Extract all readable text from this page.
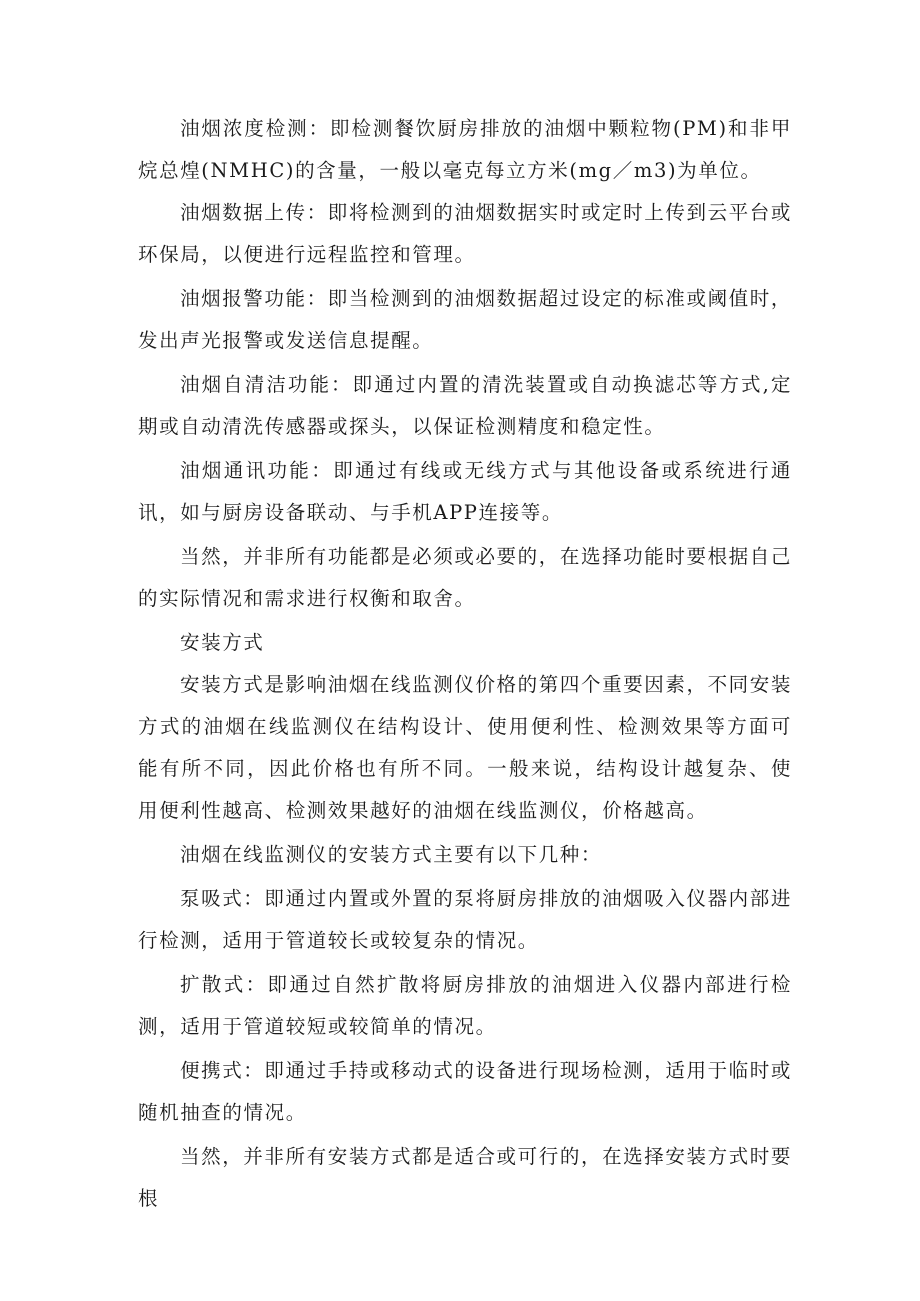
油烟浓度检测：即检测餐饮厨房排放的油烟中颗粒物(PM)和非甲烷总煌(NMHC)的含量，一般以毫克每立方米(mg／m3)为单位。

油烟数据上传：即将检测到的油烟数据实时或定时上传到云平台或环保局，以便进行远程监控和管理。

油烟报警功能：即当检测到的油烟数据超过设定的标准或阈值时，发出声光报警或发送信息提醒。

油烟自清洁功能：即通过内置的清洗装置或自动换滤芯等方式,定期或自动清洗传感器或探头，以保证检测精度和稳定性。

油烟通讯功能：即通过有线或无线方式与其他设备或系统进行通讯，如与厨房设备联动、与手机APP连接等。

当然，并非所有功能都是必须或必要的，在选择功能时要根据自己的实际情况和需求进行权衡和取舍。

安装方式

安装方式是影响油烟在线监测仪价格的第四个重要因素，不同安装方式的油烟在线监测仪在结构设计、使用便利性、检测效果等方面可能有所不同，因此价格也有所不同。一般来说，结构设计越复杂、使用便利性越高、检测效果越好的油烟在线监测仪，价格越高。

油烟在线监测仪的安装方式主要有以下几种：

泵吸式：即通过内置或外置的泵将厨房排放的油烟吸入仪器内部进行检测，适用于管道较长或较复杂的情况。

扩散式：即通过自然扩散将厨房排放的油烟进入仪器内部进行检测，适用于管道较短或较简单的情况。

便携式：即通过手持或移动式的设备进行现场检测，适用于临时或随机抽查的情况。

当然，并非所有安装方式都是适合或可行的，在选择安装方式时要根
